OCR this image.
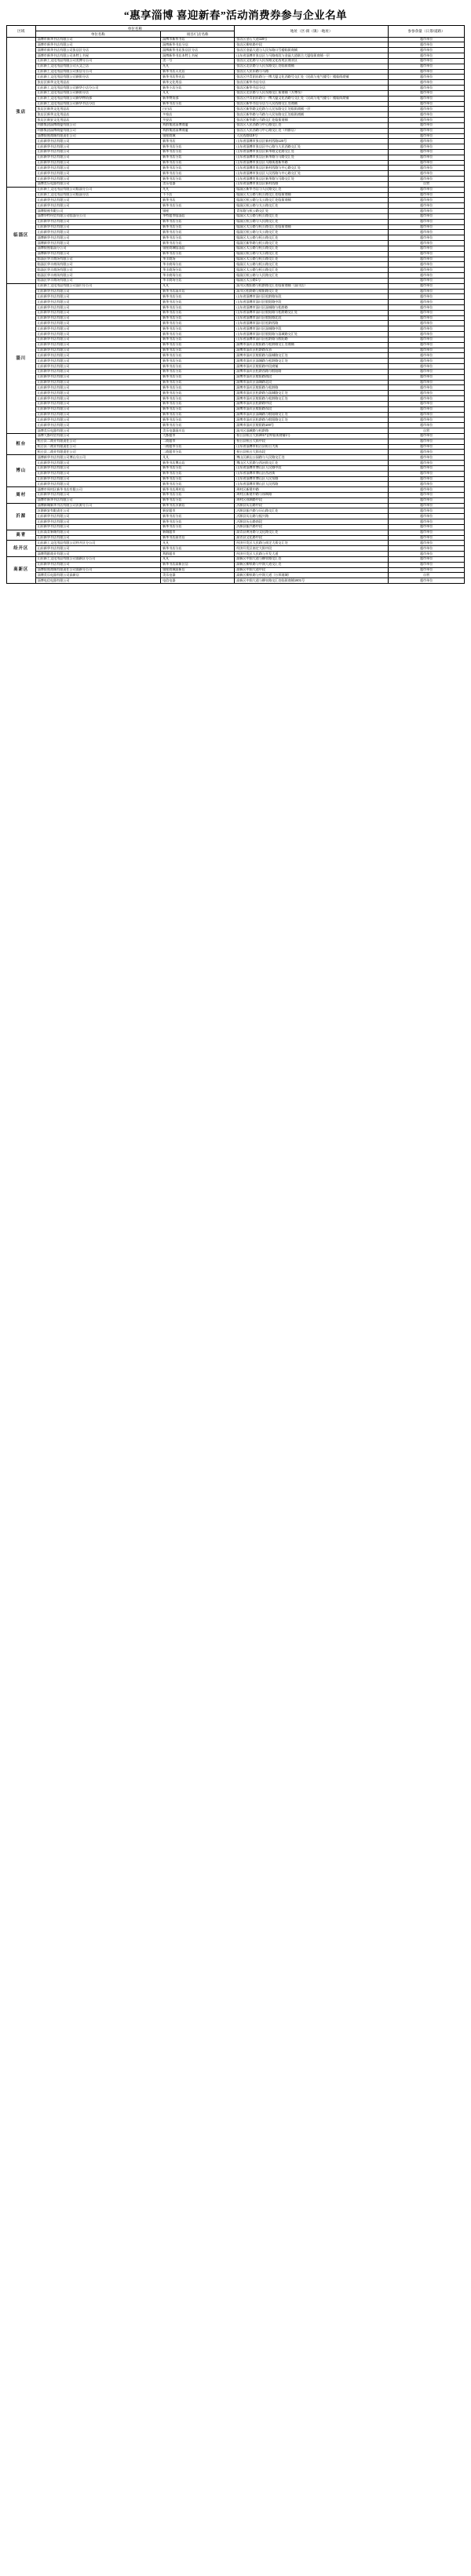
“惠享淄博 喜迎新春”活动消费券参与企业名单
区域	单位名称		地址（区-街（镇）-地址）	参参余量（日景/道路）
	单位名称	项目/门店名称		
张店	淄博市新华书店有限公司	淄博市新华书店	张店区金石大道119号	超市单位
	淄博市新华书店有限公司	淄博新华书店分店	张店区柳泉路中段	超市单位
	淄博市新华书店有限公司张店区分店	淄博新华书店张店区分店	张店区金晶大道与人民东路口号楼临街商铺	超市单位
	淄博市新华书店有限公司本特上书屋	淄博新华书店本特上书屋	山东省淄博市张店区与马路南段与金晶大道联合大厦临街商铺一层	超市单位
	山东新工文化用品有限公司美博分公司	美一号	张店区文化路与人民东路文化西苑区商业区	超市单位
	山东新工文化用品有限公司天文之店	凡凡	张店区北京路与人民东路交汇处临街商铺	超市单位
	山东新工文化用品有限公司张店分公司	新华书店天光店	张店区人民东路与马路	超市单位
	山东新工文化用品有限公司新街分店	新华书店华光店	张店区共青团东路与一博大厦文化西路号交汇处（民政与电气楼号）楼临街商铺	超市单位
	张店区新华文化用品店	新华文化用品	张店区新华书店分店	超市单位
	山东新工文化用品有限公司新华小店分公司	新华小店分店	张店区新华书店分店	超市单位
	山东新工文化用品有限公司新街分店	凡凡	张店区北京路与人民东路交汇街商铺（万博东）	超市单位
	山东新工文化用品有限公司新华物资部	新华物资部	张店区共青团东路与一博大厦文化西路号交汇处（民政与电气楼号）楼临街商铺	超市单位
	山东新工文化用品有限公司新华书店分店	新华书店分店	张店区新华书店分店与人民西路交汇处商铺	超市单位
	张店区新华文化用品店	白白店	张店区新华路文化路与人民东路交汇处临街商铺一层	超市单位
	张店区新华文化用品店	多家店	张店区新华路与马路与人民东路交汇处临街商铺	超市单位
	张店区新安文化用品店	多安店	张店区新华路与马路交汇处临街商铺	超市单位
	利群集团淄博商厦有限公司	利群集团淄博商厦	张店区人民西路与中心路交汇处	超市单位
	利群集团淄博商厦有限公司	利群集团淄博商厦	张店区人民西路与中心路交汇处（利群店）	超市单位
	淄博银座商城有限责任公司	银座商城	人民西路119号	超市单位
	山东新华书店有限公司	新华书店	山东省淄博市张店区新村西路120号	超市单位
	山东新华书店有限公司	新华书店分店	山东省淄博市张店区中心路与人民西路交汇处	超市单位
	山东新华书店有限公司	新华书店分店	山东省淄博市张店区新华路文化路交汇处	超市单位
	山东新华书店有限公司	新华书店分店	山东省淄博市张店区新华路与马路交汇处	超市单位
	山东新华书店有限公司	新华书店分店	山东省淄博市张店区马路街道新华路	超市单位
	山东新华书店有限公司	新华书店分店	山东省淄博市张店区新村西路与中心路交汇处	超市单位
	山东新华书店有限公司	新华书店分店	山东省淄博市张店区人民西路与中心路交汇处	超市单位
	山东新华书店有限公司	新华书店分店	山东省淄博市张店区新华路与马路交汇处	超市单位
	淄博美乐电器有限公司	美乐电器	山东省淄博市张店区新村西路	自营
临淄区	山东新工文化用品有限公司临淄分公司	凡凡	临淄区新华书店与人民路交汇处	超市单位
	山东新工文化用品有限公司临淄分店	不不店	临淄区太公路与桓公路交汇处临街商铺	超市单位
	山东新华书店有限公司	新华书店	临淄区桓公路与太公路交汇处临街商铺	超市单位
	山东新华书店有限公司	新华书店分店	临淄区桓公路与太公路交汇处	超市单位
	淄博银座有限公司	银座	青年路与桓公路交汇处	超市单位
	淄博华特经贸有限公司临淄分公司	华特超市临淄店	临淄区太公路与桓公路交汇处	超市单位
	山东新华书店有限公司	新华书店分店	临淄区桓公路与人民路交汇处	超市单位
	山东新华书店有限公司	新华书店分店	临淄区太公路与桓公路交汇处临街商铺	超市单位
	山东新华书店有限公司	新华书店分店	临淄区桓公路与太公路交汇处	超市单位
	淄博新华书店有限公司	新华书店分店	临淄区太公路与桓公路交汇处	超市单位
	淄博新华书店有限公司	新华书店分店	临淄区新华路与桓公路交汇处	超市单位
	淄博银座临淄分公司	银座商城临淄店	临淄区太公路与桓公路交汇处	超市单位
	淄博新华书店有限公司	新华书店分店	临淄区桓公路与太公路交汇处	超市单位
	临淄区华丰商场有限公司	华丰商场	临淄区太公路与桓公路交汇处	超市单位
	临淄区华丰商场有限公司	华丰商场分店	临淄区太公路与桓公路交汇处	超市单位
	临淄区华丰商场有限公司	华丰商场分店	临淄区太公路与桓公路交汇处	超市单位
	临淄区华丰商场有限公司	华丰商场分店	临淄区桓公路与人民路交汇处	超市单位
	临淄区华丰商场有限公司	华丰商场分店	临淄区太公路1号	超市单位
淄川	山东新工文化用品有限公司淄川分公司	凡凡	淄川区般阳路与松龄路交汇处临街商铺（淄川店）	超市单位
	山东新华书店有限公司	新华书店淄川店	淄川区松龄路与般阳路交汇处	超市单位
	山东新华书店有限公司	新华书店分店	山东省淄博市淄川区松龄路东段	超市单位
	山东新华书店有限公司	新华书店分店	山东省淄博市淄川区般阳路中段	超市单位
	山东新华书店有限公司	新华书店分店	山东省淄博市淄川区淄城路与松龄路	超市单位
	山东新华书店有限公司	新华书店分店	山东省淄博市淄川区般阳路与松龄路交汇处	超市单位
	山东新华书店有限公司	新华书店分店	山东省淄博市淄川区般阳路北段	超市单位
	山东新华书店有限公司	新华书店分店	山东省淄博市淄川区松龄西路	超市单位
	山东新华书店有限公司	新华书店分店	山东省淄博市淄川区淄城路中段	超市单位
	山东新华书店有限公司	新华书店分店	山东省淄博市淄川区般阳路与淄城路交汇处	超市单位
	山东新华书店有限公司	新华书店分店	山东省淄博市淄川区松龄路与般阳路	超市单位
	山东新华书店有限公司	新华书店分店	淄博市淄川区般阳路与松龄路交汇处商铺	超市单位
	山东新华书店有限公司	新华书店分店	淄博市淄川区松龄路东首	超市单位
	山东新华书店有限公司	新华书店分店	淄博市淄川区般阳路与淄城路交汇处	超市单位
	山东新华书店有限公司	新华书店分店	淄博市淄川区淄城路与松龄路交汇处	超市单位
	山东新华书店有限公司	新华书店分店	淄博市淄川区般阳路中段商铺	超市单位
	山东新华书店有限公司	新华书店分店	淄博市淄川区松龄西路与般阳路	超市单位
	山东新华书店有限公司	新华书店分店	淄博市淄川区般阳路南段	超市单位
	山东新华书店有限公司	新华书店分店	淄博市淄川区淄城路北段	超市单位
	山东新华书店有限公司	新华书店分店	淄博市淄川区般阳路与松龄路	超市单位
	山东新华书店有限公司	新华书店分店	淄博市淄川区松龄路与淄城路交汇处	超市单位
	山东新华书店有限公司	新华书店分店	淄博市淄川区般阳路与松龄路交汇处	超市单位
	山东新华书店有限公司	新华书店分店	淄博市淄川区松龄路中段	超市单位
	山东新华书店有限公司	新华书店分店	淄博市淄川区般阳路东段	超市单位
	山东新华书店有限公司	新华书店分店	淄博市淄川区淄城路与般阳路交汇处	超市单位
	山东新华书店有限公司	新华书店分店	淄博市淄川区松龄路与般阳路交汇处	超市单位
	山东新华书店有限公司	新华书店分店	淄博市淄川区般阳路100号	超市单位
	淄博美乐电器有限公司	美乐电器淄川店	淄川区淄城路与松龄路	自营
桓台	淄博大都经贸有限公司	大都超市	桓台县桓台大街2017仓库临街商铺1号	超市单位
	桓台县二商业有限责任公司	二商超市	桓台县桓台大街中段	超市单位
	桓台县二商业有限责任公司	二商超市分店	山东省淄博市桓台县桓台大街	超市单位
	桓台县二商业有限责任公司	二商超市分店	桓台县桓台大街东段	超市单位
博山	淄博新华书店有限公司博山分公司	凡凡	博山区颜山公园路与人民路交汇处	超市单位
	山东新华书店有限公司	新华书店博山店	博山区人民路与西冶街交汇处	超市单位
	山东新华书店有限公司	新华书店分店	山东省淄博市博山区人民路中段	超市单位
	山东新华书店有限公司	新华书店分店	山东省淄博市博山区西冶街	超市单位
	山东新华书店有限公司	新华书店分店	山东省淄博市博山区人民东路	超市单位
	山东新华书店有限公司	新华书店分店	山东省淄博市博山区人民西路	超市单位
周村	淄博市周村区新华书店有限公司	新华书店周村店	周村区新建中路	超市单位
	山东新华书店有限公司	新华书店分店	周村区新建中路与丝绸路	超市单位
	淄博市新华书店有限公司	新华书店分店	周村区丝绸路中段	超市单位
沂源	淄博新城新华书店有限公司沂源分公司	新华书店沂源店	沂源县历山路中段	超市单位
	沂源新安有限责任公司	新安超市	沂源县振兴路与历山路交汇处	超市单位
	山东新华书店有限公司	新华书店分店	沂源县历山路与振兴路	超市单位
	山东新华书店有限公司	新华书店分店	沂源县历山路南段	超市单位
	山东新华书店有限公司	新华书店分店	沂源县振兴路中段	超市单位
高青	山东高青新城有限公司	新城超市	高青县黄河路与文化路交汇处	超市单位
	山东新华书店有限公司	新华书店高青店	高青县文化路中段	超市单位
经开区	山东新工文化用品有限公司经开区分公司	凡凡	经济开发区人民路与南定大街交汇处	超市单位
	山东新华书店有限公司	新华书店分店	经济开发区南定大街中段	超市单位
	淄博利群商业有限公司	利群超市	经济开发区人民路与开发大道	超市单位
高新区	山东新工文化用品有限公司高新区分公司	凡凡	高新区中润大道与柳泉路交汇处	超市单位
	山东新华书店有限公司	新华书店高新区店	高新区柳泉路与中润大道交汇处	超市单位
	淄博银座商城有限责任公司高新分公司	银座商城高新店	高新区中润大道中段	超市单位
	淄博美乐电器有限公司高新店	美乐电器	高新区柳泉路与中润大道（万邦商城）	自营
	淄博电信电器有限公司	电信电器	高新区中润大道与柳泉路交汇处临街商铺1601号	超市单位
